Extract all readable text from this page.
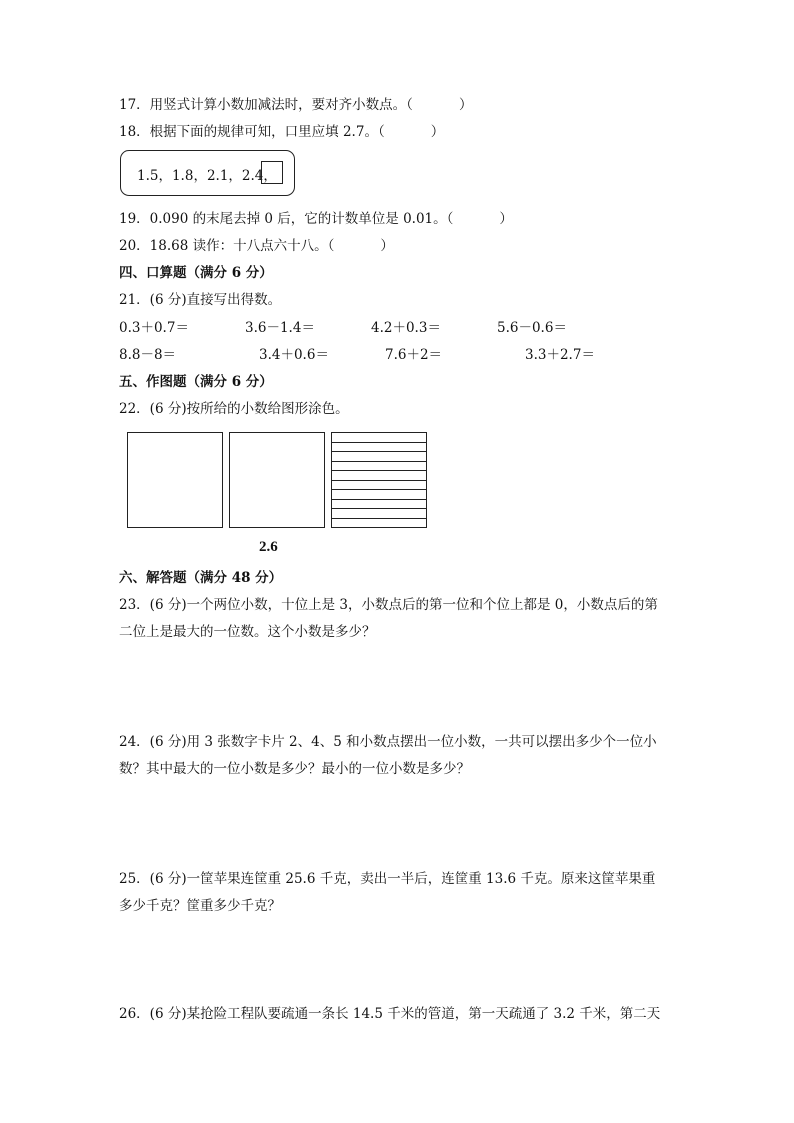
17．用竖式计算小数加减法时，要对齐小数点。（	）
18．根据下面的规律可知，口里应填 2.7。（	）
1.5，1.8，2.1，2.4，
19．0.090 的末尾去掉 0 后，它的计数单位是 0.01。（	）
20．18.68 读作：十八点六十八。（	）
四、口算题（满分 6 分）
21．(6 分)直接写出得数。
0.3＋0.7＝	3.6－1.4＝	4.2＋0.3＝	5.6－0.6＝
8.8－8＝	3.4＋0.6＝	7.6＋2＝	3.3＋2.7＝
五、作图题（满分 6 分）
22．(6 分)按所给的小数给图形涂色。
2.6
六、解答题（满分 48 分）
23．(6 分)一个两位小数，十位上是 3，小数点后的第一位和个位上都是 0，小数点后的第
二位上是最大的一位数。这个小数是多少？
24．(6 分)用 3 张数字卡片 2、4、5 和小数点摆出一位小数，一共可以摆出多少个一位小
数？其中最大的一位小数是多少？最小的一位小数是多少？
25．(6 分)一筐苹果连筐重 25.6 千克，卖出一半后，连筐重 13.6 千克。原来这筐苹果重
多少千克？筐重多少千克？
26．(6 分)某抢险工程队要疏通一条长 14.5 千米的管道，第一天疏通了 3.2 千米，第二天
